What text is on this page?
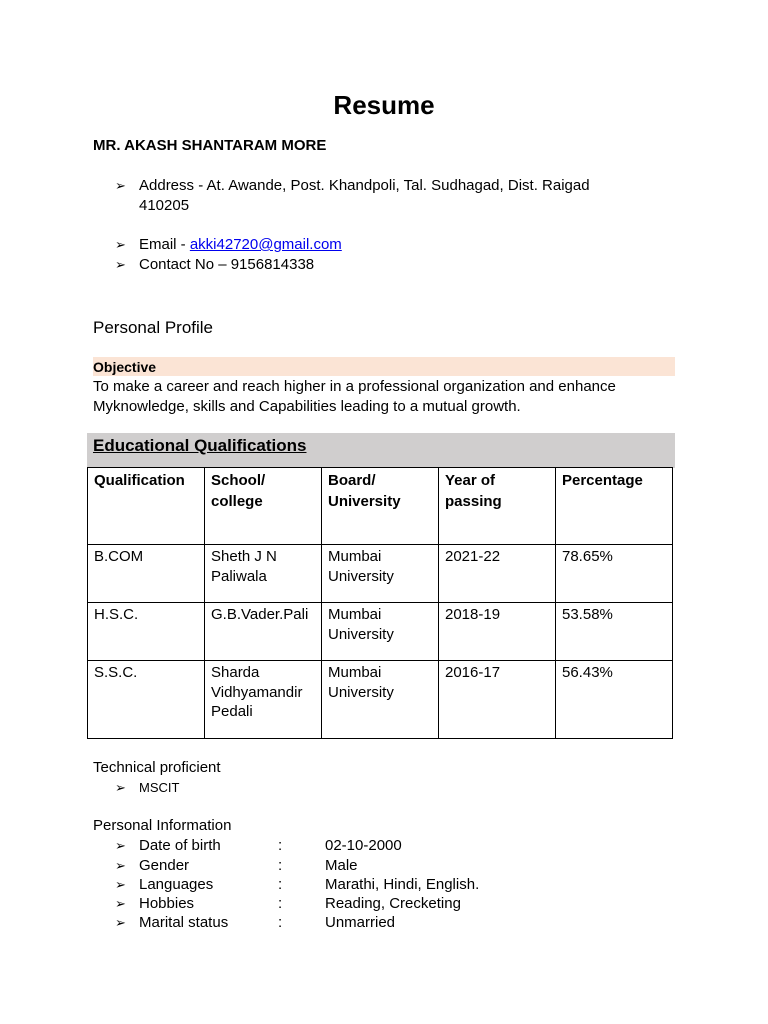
Resume
MR. AKASH SHANTARAM MORE
➢ Address - At. Awande, Post. Khandpoli, Tal. Sudhagad, Dist. Raigad 410205
➢ Email - akki42720@gmail.com
➢ Contact No – 9156814338
Personal Profile
Objective
To make a career and reach higher in a professional organization and enhance Myknowledge, skills and Capabilities leading to a mutual growth.
Educational Qualifications
Qualification	School/ college	Board/ University	Year of passing	Percentage
B.COM	Sheth J N Paliwala	Mumbai University	2021-22	78.65%
H.S.C.	G.B.Vader.Pali	Mumbai University	2018-19	53.58%
S.S.C.	Sharda Vidhyamandir Pedali	Mumbai University	2016-17	56.43%
Technical proficient
➢ MSCIT
Personal Information
➢ Date of birth	:	02-10-2000
➢ Gender	:	Male
➢ Languages	:	Marathi, Hindi, English.
➢ Hobbies	:	Reading, Crecketing
➢ Marital status	:	Unmarried
